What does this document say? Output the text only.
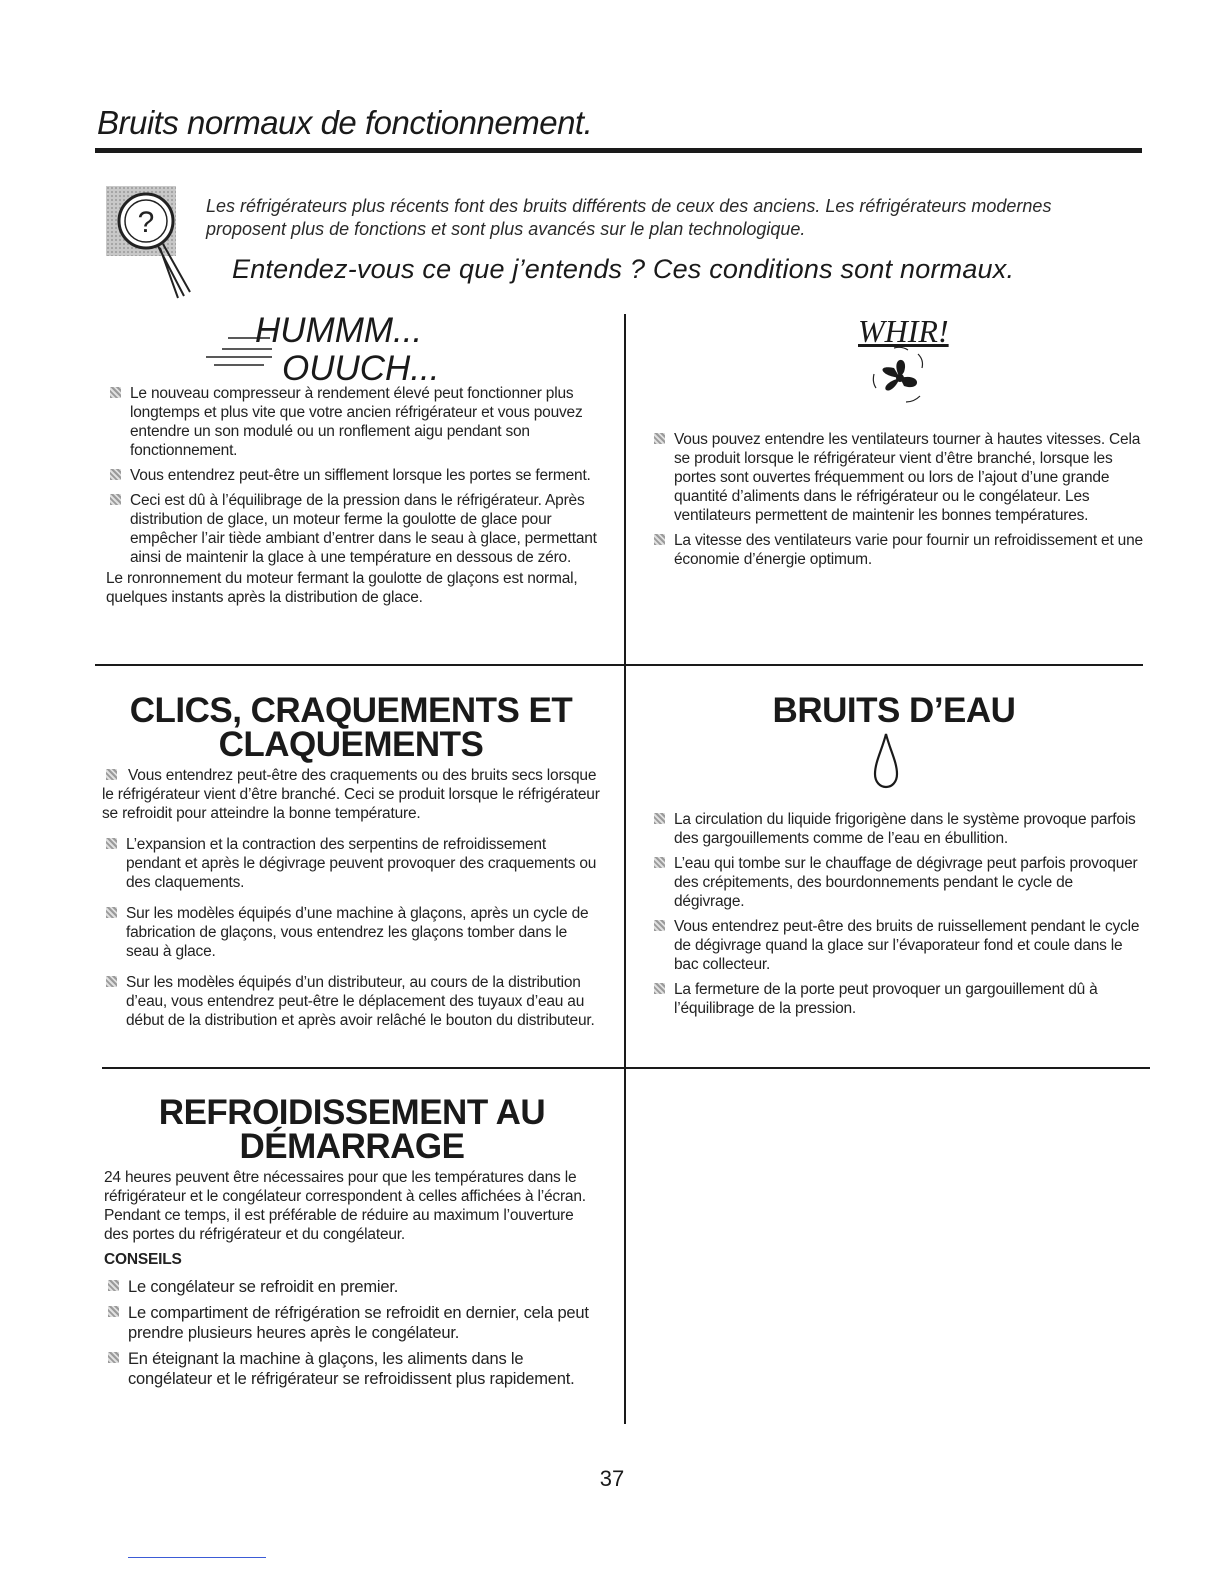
Bruits normaux de fonctionnement.
?	Les réfrigérateurs plus récents font des bruits différents de ceux des anciens. Les réfrigérateurs modernes proposent plus de fonctions et sont plus avancés sur le plan technologique.

Entendez-vous ce que j’entends ? Ces conditions sont normaux.
HUMMM...
OUUCH...
Le nouveau compresseur à rendement élevé peut fonctionner plus longtemps et plus vite que votre ancien réfrigérateur et vous pouvez entendre un son modulé ou un ronflement aigu pendant son fonctionnement.
Vous entendrez peut-être un sifflement lorsque les portes se ferment.
Ceci est dû à l’équilibrage de la pression dans le réfrigérateur. Après distribution de glace, un moteur ferme la goulotte de glace pour empêcher l’air tiède ambiant d’entrer dans le seau à glace, permettant ainsi de maintenir la glace à une température en dessous de zéro.

Le ronronnement du moteur fermant la goulotte de glaçons est normal, quelques instants après la distribution de glace.

WHIR!
Vous pouvez entendre les ventilateurs tourner à hautes vitesses. Cela se produit lorsque le réfrigérateur vient d’être branché, lorsque les portes sont ouvertes fréquemment ou lors de l’ajout d’une grande quantité d’aliments dans le réfrigérateur ou le congélateur. Les ventilateurs permettent de maintenir les bonnes températures.
La vitesse des ventilateurs varie pour fournir un refroidissement et une économie d’énergie optimum.
CLICS, CRAQUEMENTS ET
CLAQUEMENTS
Vous entendrez peut-être des craquements ou des bruits secs lorsque le réfrigérateur vient d’être branché. Ceci se produit lorsque le réfrigérateur se refroidit pour atteindre la bonne température.
L’expansion et la contraction des serpentins de refroidissement pendant et après le dégivrage peuvent provoquer des craquements ou des claquements.
Sur les modèles équipés d’une machine à glaçons, après un cycle de fabrication de glaçons, vous entendrez les glaçons tomber dans le seau à glace.
Sur les modèles équipés d’un distributeur, au cours de la distribution d’eau, vous entendrez peut-être le déplacement des tuyaux d’eau au début de la distribution et après avoir relâché le bouton du distributeur.
BRUITS D’EAU
La circulation du liquide frigorigène dans le système provoque parfois des gargouillements comme de l’eau en ébullition.
L’eau qui tombe sur le chauffage de dégivrage peut parfois provoquer des crépitements, des bourdonnements pendant le cycle de dégivrage.
Vous entendrez peut-être des bruits de ruissellement pendant le cycle de dégivrage quand la glace sur l’évaporateur fond et coule dans le bac collecteur.
La fermeture de la porte peut provoquer un gargouillement dû à l’équilibrage de la pression.
REFROIDISSEMENT AU
DÉMARRAGE

24 heures peuvent être nécessaires pour que les températures dans le réfrigérateur et le congélateur correspondent à celles affichées à l’écran. Pendant ce temps, il est préférable de réduire au maximum l’ouverture des portes du réfrigérateur et du congélateur.

CONSEILS
Le congélateur se refroidit en premier.
Le compartiment de réfrigération se refroidit en dernier, cela peut prendre plusieurs heures après le congélateur.
En éteignant la machine à glaçons, les aliments dans le congélateur et le réfrigérateur se refroidissent plus rapidement.
37
